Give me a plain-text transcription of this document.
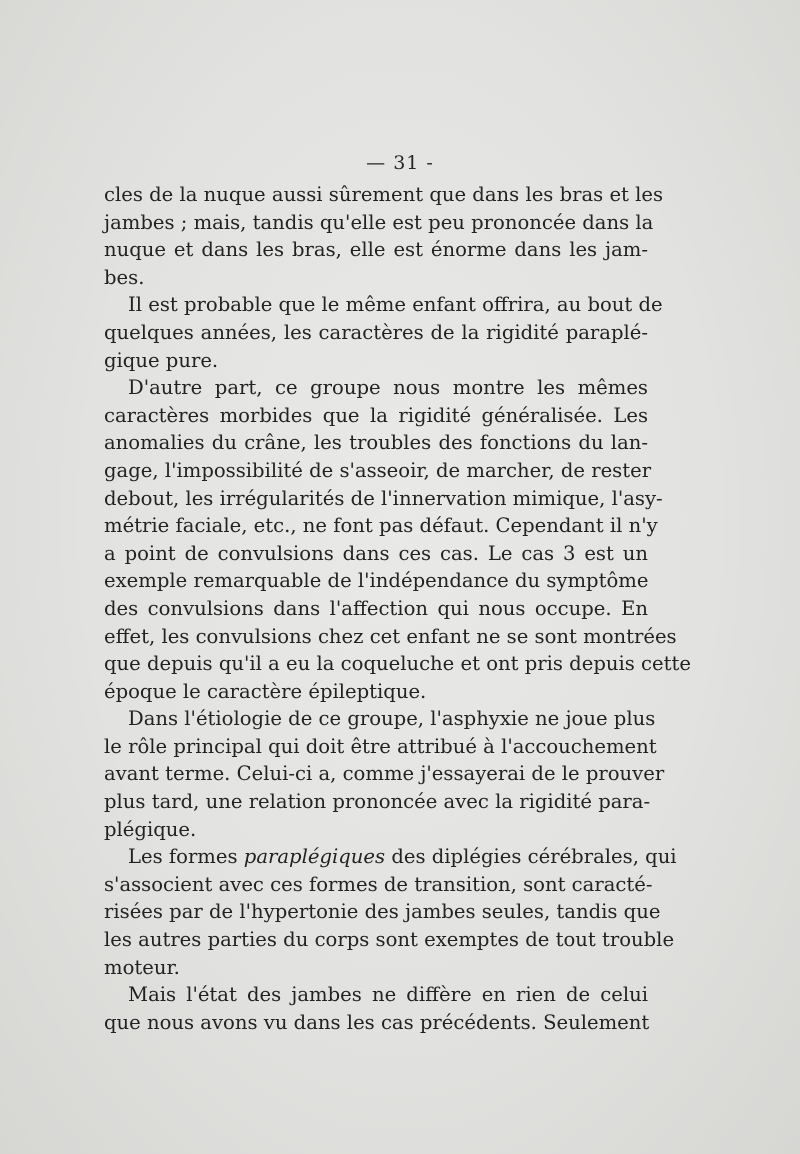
— 31 -
cles de la nuque aussi sûrement que dans les bras et les
jambes ; mais, tandis qu'elle est peu prononcée dans la
nuque et dans les bras, elle est énorme dans les jam-
bes.
Il est probable que le même enfant offrira, au bout de
quelques années, les caractères de la rigidité paraplé-
gique pure.
D'autre part, ce groupe nous montre les mêmes
caractères morbides que la rigidité généralisée. Les
anomalies du crâne, les troubles des fonctions du lan-
gage, l'impossibilité de s'asseoir, de marcher, de rester
debout, les irrégularités de l'innervation mimique, l'asy-
métrie faciale, etc., ne font pas défaut. Cependant il n'y
a point de convulsions dans ces cas. Le cas 3 est un
exemple remarquable de l'indépendance du symptôme
des convulsions dans l'affection qui nous occupe. En
effet, les convulsions chez cet enfant ne se sont montrées
que depuis qu'il a eu la coqueluche et ont pris depuis cette
époque le caractère épileptique.
Dans l'étiologie de ce groupe, l'asphyxie ne joue plus
le rôle principal qui doit être attribué à l'accouchement
avant terme. Celui-ci a, comme j'essayerai de le prouver
plus tard, une relation prononcée avec la rigidité para-
plégique.
Les formes paraplégiques des diplégies cérébrales, qui
s'associent avec ces formes de transition, sont caracté-
risées par de l'hypertonie des jambes seules, tandis que
les autres parties du corps sont exemptes de tout trouble
moteur.
Mais l'état des jambes ne diffère en rien de celui
que nous avons vu dans les cas précédents. Seulement
